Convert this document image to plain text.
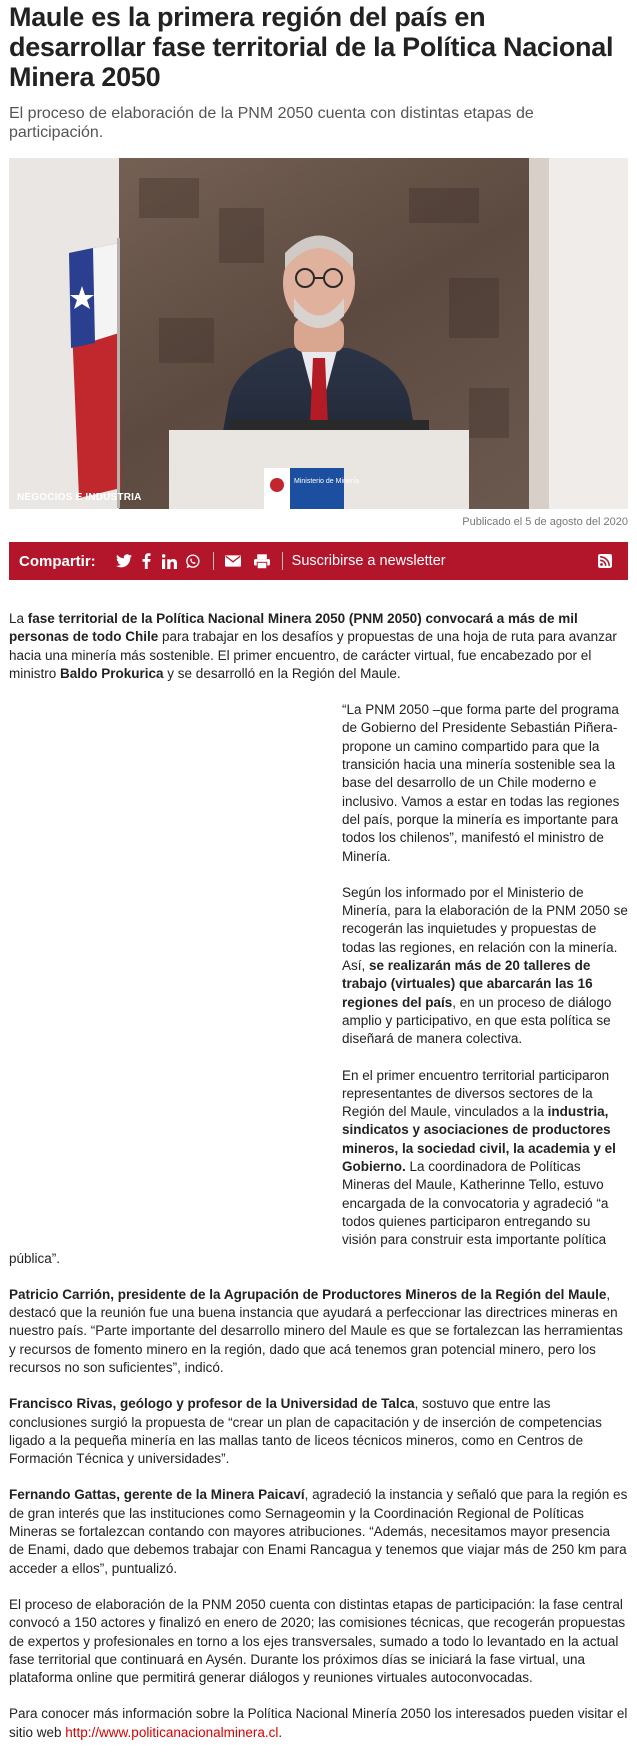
Maule es la primera región del país en desarrollar fase territorial de la Política Nacional Minera 2050

El proceso de elaboración de la PNM 2050 cuenta con distintas etapas de participación.

Ministerio de Minería
NEGOCIOS E INDUSTRIA
Publicado el 5 de agosto del 2020
Compartir:	Suscribirse a newsletter

La fase territorial de la Política Nacional Minera 2050 (PNM 2050) convocará a más de mil personas de todo Chile para trabajar en los desafíos y propuestas de una hoja de ruta para avanzar hacia una minería más sostenible. El primer encuentro, de carácter virtual, fue encabezado por el ministro Baldo Prokurica y se desarrolló en la Región del Maule.

“La PNM 2050 –que forma parte del programa de Gobierno del Presidente Sebastián Piñera- propone un camino compartido para que la transición hacia una minería sostenible sea la base del desarrollo de un Chile moderno e inclusivo. Vamos a estar en todas las regiones del país, porque la minería es importante para todos los chilenos”, manifestó el ministro de Minería.

Según los informado por el Ministerio de Minería, para la elaboración de la PNM 2050 se recogerán las inquietudes y propuestas de todas las regiones, en relación con la minería. Así, se realizarán más de 20 talleres de trabajo (virtuales) que abarcarán las 16 regiones del país, en un proceso de diálogo amplio y participativo, en que esta política se diseñará de manera colectiva.

En el primer encuentro territorial participaron representantes de diversos sectores de la Región del Maule, vinculados a la industria, sindicatos y asociaciones de productores mineros, la sociedad civil, la academia y el Gobierno. La coordinadora de Políticas Mineras del Maule, Katherinne Tello, estuvo encargada de la convocatoria y agradeció “a todos quienes participaron entregando su visión para construir esta importante política pública”.

Patricio Carrión, presidente de la Agrupación de Productores Mineros de la Región del Maule, destacó que la reunión fue una buena instancia que ayudará a perfeccionar las directrices mineras en nuestro país. “Parte importante del desarrollo minero del Maule es que se fortalezcan las herramientas y recursos de fomento minero en la región, dado que acá tenemos gran potencial minero, pero los recursos no son suficientes”, indicó.

Francisco Rivas, geólogo y profesor de la Universidad de Talca, sostuvo que entre las conclusiones surgió la propuesta de “crear un plan de capacitación y de inserción de competencias ligado a la pequeña minería en las mallas tanto de liceos técnicos mineros, como en Centros de Formación Técnica y universidades”.

Fernando Gattas, gerente de la Minera Paicaví, agradeció la instancia y señaló que para la región es de gran interés que las instituciones como Sernageomin y la Coordinación Regional de Políticas Mineras se fortalezcan contando con mayores atribuciones. “Además, necesitamos mayor presencia de Enami, dado que debemos trabajar con Enami Rancagua y tenemos que viajar más de 250 km para acceder a ellos”, puntualizó.

El proceso de elaboración de la PNM 2050 cuenta con distintas etapas de participación: la fase central convocó a 150 actores y finalizó en enero de 2020; las comisiones técnicas, que recogerán propuestas de expertos y profesionales en torno a los ejes transversales, sumado a todo lo levantado en la actual fase territorial que continuará en Aysén. Durante los próximos días se iniciará la fase virtual, una plataforma online que permitirá generar diálogos y reuniones virtuales autoconvocadas.

Para conocer más información sobre la Política Nacional Minería 2050 los interesados pueden visitar el sitio web http://www.politicanacionalminera.cl.
